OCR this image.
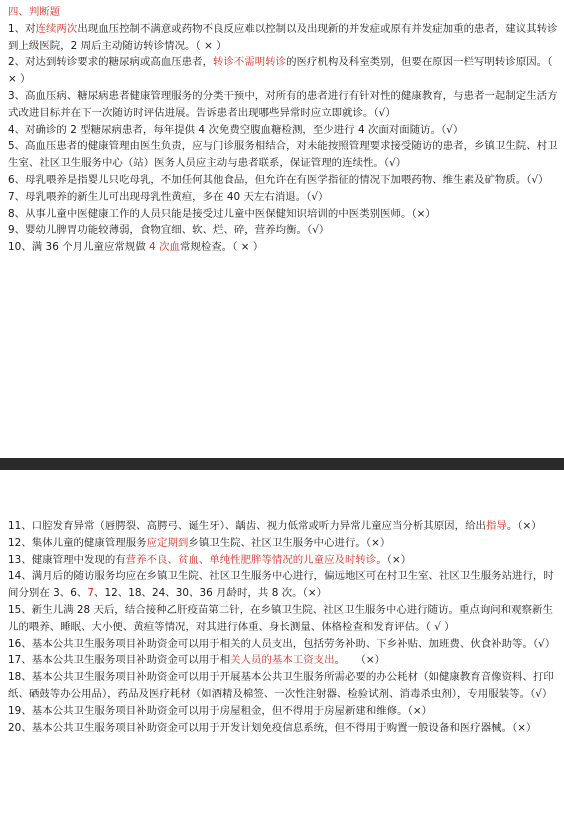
四、判断题

1、对连续两次出现血压控制不满意或药物不良反应难以控制以及出现新的并发症或原有并发症加重的患者，建议其转诊到上级医院，2 周后主动随访转诊情况。（ × ）

2、对达到转诊要求的糖尿病或高血压患者，转诊不需明转诊的医疗机构及科室类别，但要在原因一栏写明转诊原因。（ × ）

3、高血压病、糖尿病患者健康管理服务的分类干预中，对所有的患者进行有针对性的健康教育，与患者一起制定生活方式改进目标并在下一次随访时评估进展。告诉患者出现哪些异常时应立即就诊。（√）

4、对确诊的 2 型糖尿病患者，每年提供 4 次免费空腹血糖检测，至少进行 4 次面对面随访。（√）

5、高血压患者的健康管理由医生负责，应与门诊服务相结合，对未能按照管理要求接受随访的患者，乡镇卫生院、村卫生室、社区卫生服务中心（站）医务人员应主动与患者联系，保证管理的连续性。（√）

6、母乳喂养是指婴儿只吃母乳，不加任何其他食品，但允许在有医学指征的情况下加喂药物、维生素及矿物质。（√）

7、母乳喂养的新生儿可出现母乳性黄疸，多在 40 天左右消退。（√）

8、从事儿童中医健康工作的人员只能是接受过儿童中医保健知识培训的中医类别医师。（×）

9、婴幼儿脾胃功能较薄弱，食物宜细、软、烂、碎，营养均衡。（√）

10、满 36 个月儿童应常规做 4 次血常规检查。（ × ）

11、口腔发育异常（唇腭裂、高腭弓、诞生牙）、龋齿、视力低常或听力异常儿童应当分析其原因，给出指导。（×）

12、集体儿童的健康管理服务应定期到乡镇卫生院、社区卫生服务中心进行。（×）

13、健康管理中发现的有营养不良、贫血、单纯性肥胖等情况的儿童应及时转诊。（×）

14、满月后的随访服务均应在乡镇卫生院、社区卫生服务中心进行，偏远地区可在村卫生室、社区卫生服务站进行，时间分别在 3、6、7、12、18、24、30、36 月龄时，共 8 次。（×）

15、新生儿满 28 天后，结合接种乙肝疫苗第二针，在乡镇卫生院、社区卫生服务中心进行随访。重点询问和观察新生儿的喂养、睡眠、大小便、黄疸等情况，对其进行体重、身长测量、体格检查和发育评估。（ √ ）

16、基本公共卫生服务项目补助资金可以用于相关的人员支出，包括劳务补助、下乡补贴、加班费、伙食补助等。（√）

17、基本公共卫生服务项目补助资金可以用于相关人员的基本工资支出。　　（×）

18、基本公共卫生服务项目补助资金可以用于开展基本公共卫生服务所需必要的办公耗材（如健康教育音像资料、打印纸、硒鼓等办公用品），药品及医疗耗材（如酒精及棉签、一次性注射器、检验试剂、消毒杀虫剂），专用服装等。（√）

19、基本公共卫生服务项目补助资金可以用于房屋租金，但不得用于房屋新建和维修。（×）

20、基本公共卫生服务项目补助资金可以用于开发计划免疫信息系统，但不得用于购置一般设备和医疗器械。（×）
